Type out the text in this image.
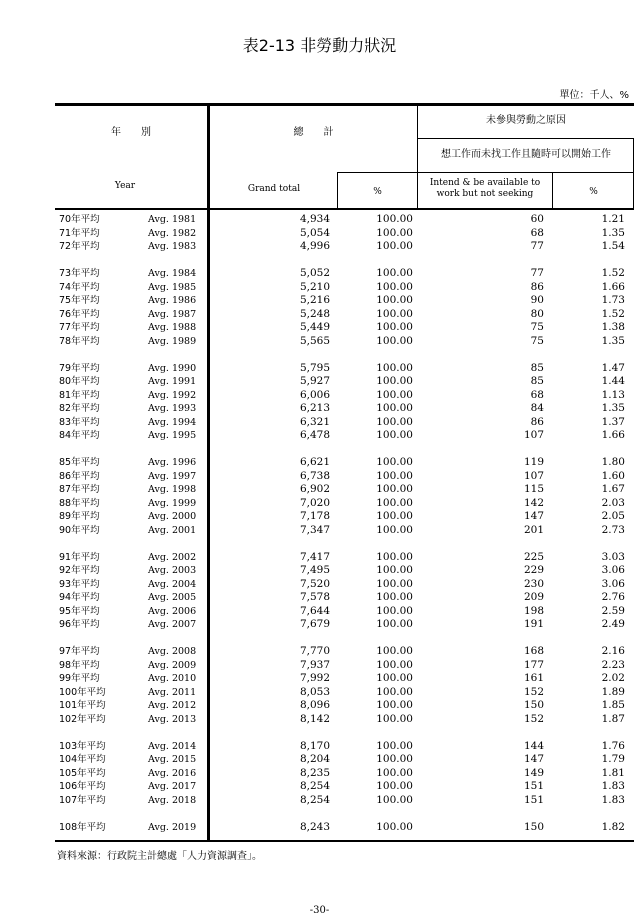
表2-13 非勞動力狀況
單位：千人、%
年　　別
Year
總　　計
Grand total	%
未參與勞動之原因
想工作而未找工作且隨時可以開始工作
Intend & be available to
work but not seeking	%
70年平均	Avg. 1981	4,934	100.00	60	1.21
71年平均	Avg. 1982	5,054	100.00	68	1.35
72年平均	Avg. 1983	4,996	100.00	77	1.54
73年平均	Avg. 1984	5,052	100.00	77	1.52
74年平均	Avg. 1985	5,210	100.00	86	1.66
75年平均	Avg. 1986	5,216	100.00	90	1.73
76年平均	Avg. 1987	5,248	100.00	80	1.52
77年平均	Avg. 1988	5,449	100.00	75	1.38
78年平均	Avg. 1989	5,565	100.00	75	1.35
79年平均	Avg. 1990	5,795	100.00	85	1.47
80年平均	Avg. 1991	5,927	100.00	85	1.44
81年平均	Avg. 1992	6,006	100.00	68	1.13
82年平均	Avg. 1993	6,213	100.00	84	1.35
83年平均	Avg. 1994	6,321	100.00	86	1.37
84年平均	Avg. 1995	6,478	100.00	107	1.66
85年平均	Avg. 1996	6,621	100.00	119	1.80
86年平均	Avg. 1997	6,738	100.00	107	1.60
87年平均	Avg. 1998	6,902	100.00	115	1.67
88年平均	Avg. 1999	7,020	100.00	142	2.03
89年平均	Avg. 2000	7,178	100.00	147	2.05
90年平均	Avg. 2001	7,347	100.00	201	2.73
91年平均	Avg. 2002	7,417	100.00	225	3.03
92年平均	Avg. 2003	7,495	100.00	229	3.06
93年平均	Avg. 2004	7,520	100.00	230	3.06
94年平均	Avg. 2005	7,578	100.00	209	2.76
95年平均	Avg. 2006	7,644	100.00	198	2.59
96年平均	Avg. 2007	7,679	100.00	191	2.49
97年平均	Avg. 2008	7,770	100.00	168	2.16
98年平均	Avg. 2009	7,937	100.00	177	2.23
99年平均	Avg. 2010	7,992	100.00	161	2.02
100年平均	Avg. 2011	8,053	100.00	152	1.89
101年平均	Avg. 2012	8,096	100.00	150	1.85
102年平均	Avg. 2013	8,142	100.00	152	1.87
103年平均	Avg. 2014	8,170	100.00	144	1.76
104年平均	Avg. 2015	8,204	100.00	147	1.79
105年平均	Avg. 2016	8,235	100.00	149	1.81
106年平均	Avg. 2017	8,254	100.00	151	1.83
107年平均	Avg. 2018	8,254	100.00	151	1.83
108年平均	Avg. 2019	8,243	100.00	150	1.82
資料來源：行政院主計總處「人力資源調查」。
-30-
